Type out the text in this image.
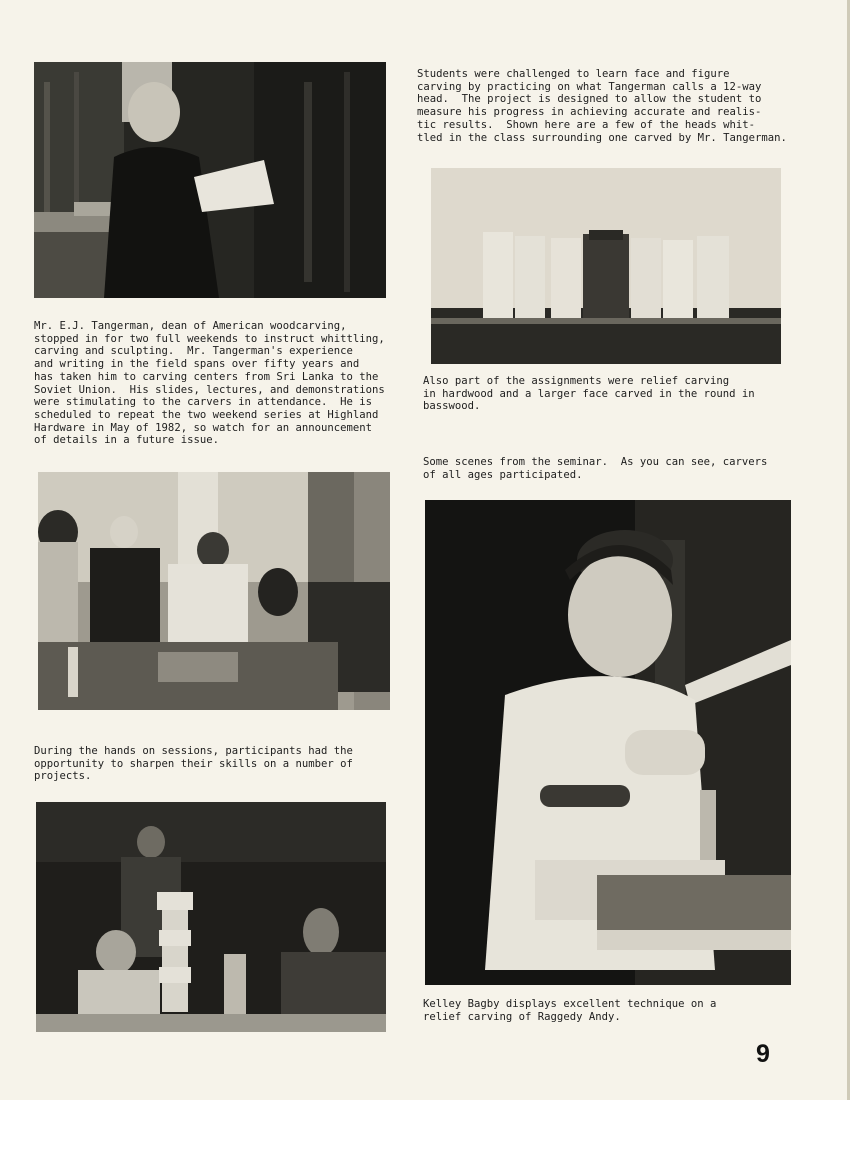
Mr. E.J. Tangerman, dean of American woodcarving,
stopped in for two full weekends to instruct whittling,
carving and sculpting.  Mr. Tangerman's experience
and writing in the field spans over fifty years and
has taken him to carving centers from Sri Lanka to the
Soviet Union.  His slides, lectures, and demonstrations
were stimulating to the carvers in attendance.  He is
scheduled to repeat the two weekend series at Highland
Hardware in May of 1982, so watch for an announcement
of details in a future issue.

During the hands on sessions, participants had the
opportunity to sharpen their skills on a number of
projects.

Students were challenged to learn face and figure
carving by practicing on what Tangerman calls a 12-way
head.  The project is designed to allow the student to
measure his progress in achieving accurate and realis-
tic results.  Shown here are a few of the heads whit-
tled in the class surrounding one carved by Mr. Tangerman.

Also part of the assignments were relief carving
in hardwood and a larger face carved in the round in
basswood.

Some scenes from the seminar.  As you can see, carvers
of all ages participated.

Kelley Bagby displays excellent technique on a
relief carving of Raggedy Andy.

9
